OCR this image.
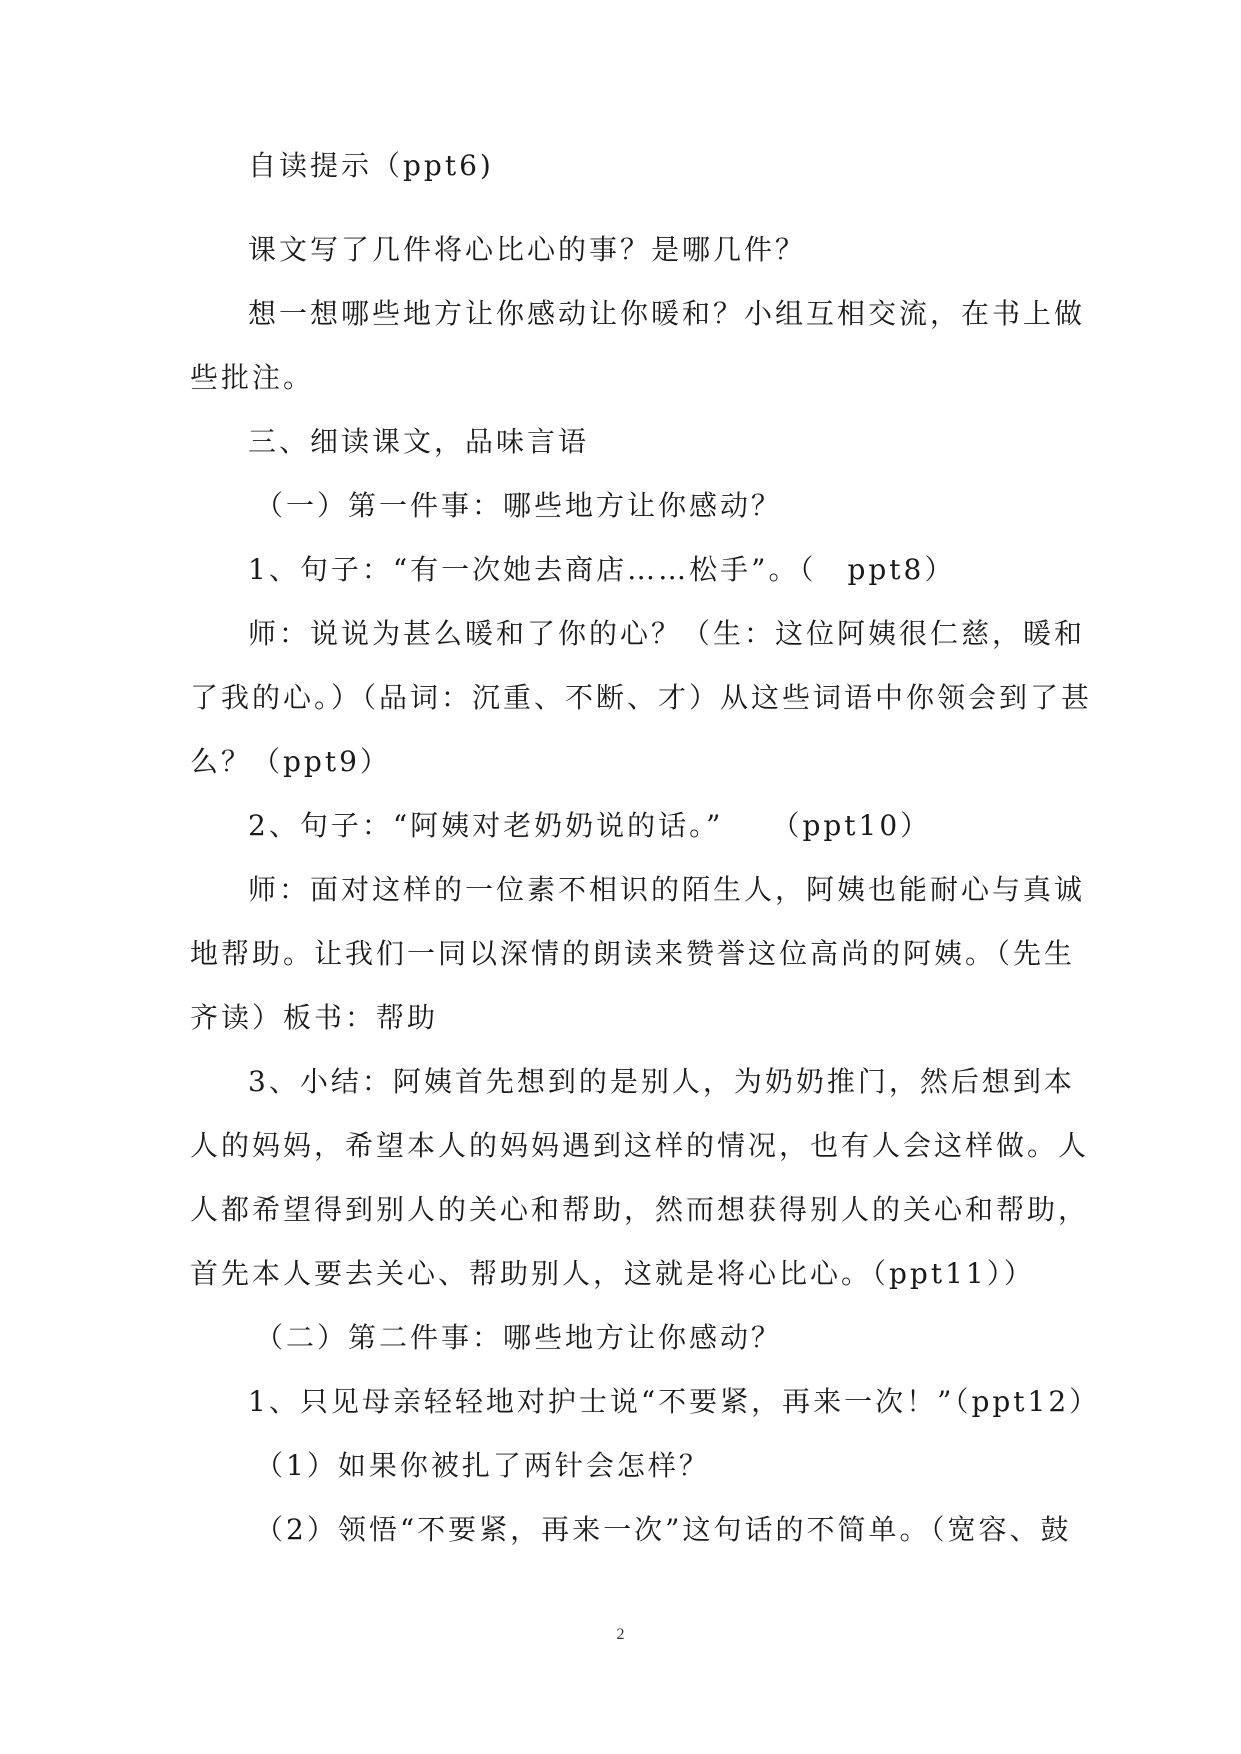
自读提示（ppt6)
课文写了几件将心比心的事？是哪几件？
想一想哪些地方让你感动让你暖和？小组互相交流，在书上做
些批注。
三、细读课文，品味言语
（一）第一件事：哪些地方让你感动？
1、句子：“有一次她去商店……松手”。（　ppt8）
师：说说为甚么暖和了你的心？（生：这位阿姨很仁慈，暖和
了我的心。）（品词：沉重、不断、才）从这些词语中你领会到了甚
么？（ppt9）
2、句子：“阿姨对老奶奶说的话。”　　（ppt10）
师：面对这样的一位素不相识的陌生人，阿姨也能耐心与真诚
地帮助。让我们一同以深情的朗读来赞誉这位高尚的阿姨。（先生
齐读）板书：帮助
3、小结：阿姨首先想到的是别人，为奶奶推门，然后想到本
人的妈妈，希望本人的妈妈遇到这样的情况，也有人会这样做。人
人都希望得到别人的关心和帮助，然而想获得别人的关心和帮助，
首先本人要去关心、帮助别人，这就是将心比心。（ppt11））
（二）第二件事：哪些地方让你感动？
1、只见母亲轻轻地对护士说“不要紧，再来一次！”（ppt12）
（1）如果你被扎了两针会怎样？
（2）领悟“不要紧，再来一次”这句话的不简单。（宽容、鼓
2
